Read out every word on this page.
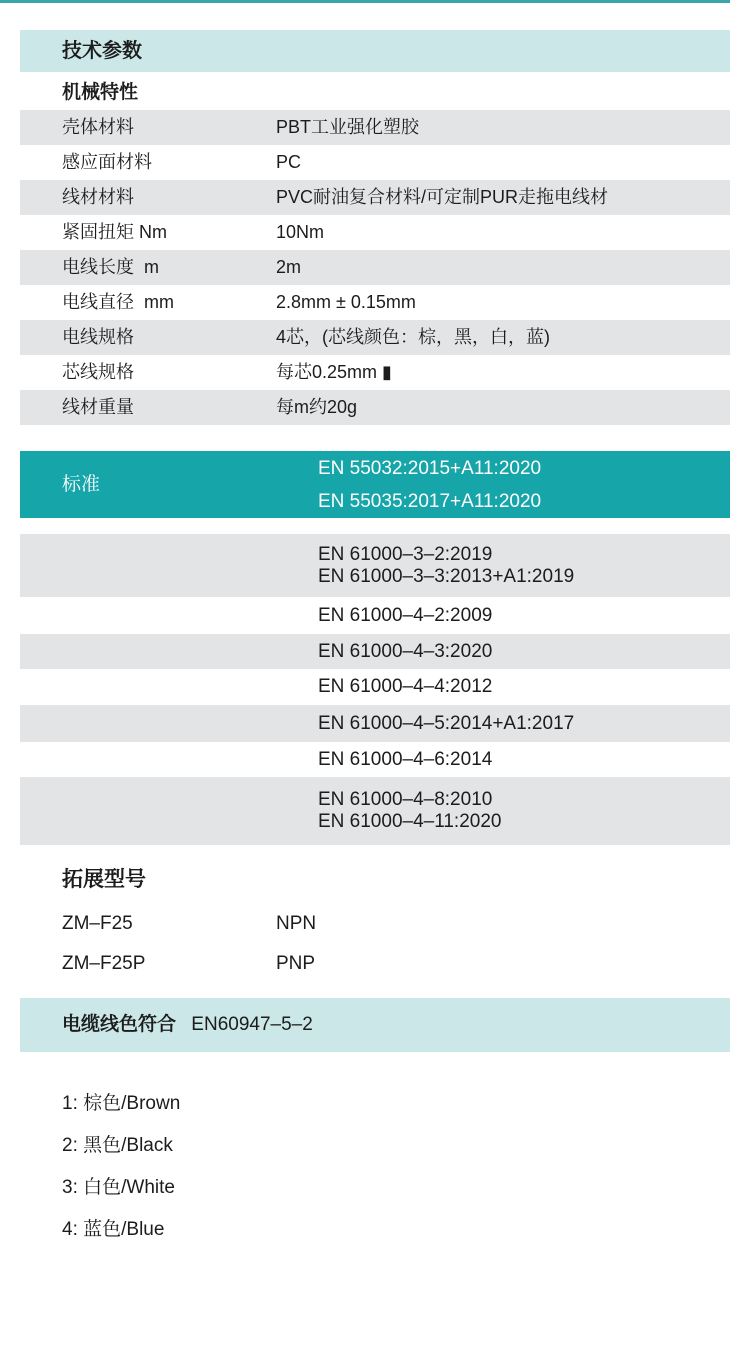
技术参数
机械特性
壳体材料	PBT工业强化塑胶
感应面材料	PC
线材材料	PVC耐油复合材料/可定制PUR走拖电线材
紧固扭矩 Nm	10Nm
电线长度  m	2m
电线直径  mm	2.8mm ± 0.15mm
电线规格	4芯，(芯线颜色：棕，黑，白，蓝)
芯线规格	每芯0.25mm ▮
线材重量	每m约20g
标准
EN 55032:2015+A11:2020
EN 55035:2017+A11:2020
EN 61000–3–2:2019
EN 61000–3–3:2013+A1:2019
EN 61000–4–2:2009
EN 61000–4–3:2020
EN 61000–4–4:2012
EN 61000–4–5:2014+A1:2017
EN 61000–4–6:2014
EN 61000–4–8:2010
EN 61000–4–11:2020
拓展型号
ZM–F25	NPN
ZM–F25P	PNP
电缆线色符合 EN60947–5–2
1: 棕色/Brown
2: 黑色/Black
3: 白色/White
4: 蓝色/Blue
